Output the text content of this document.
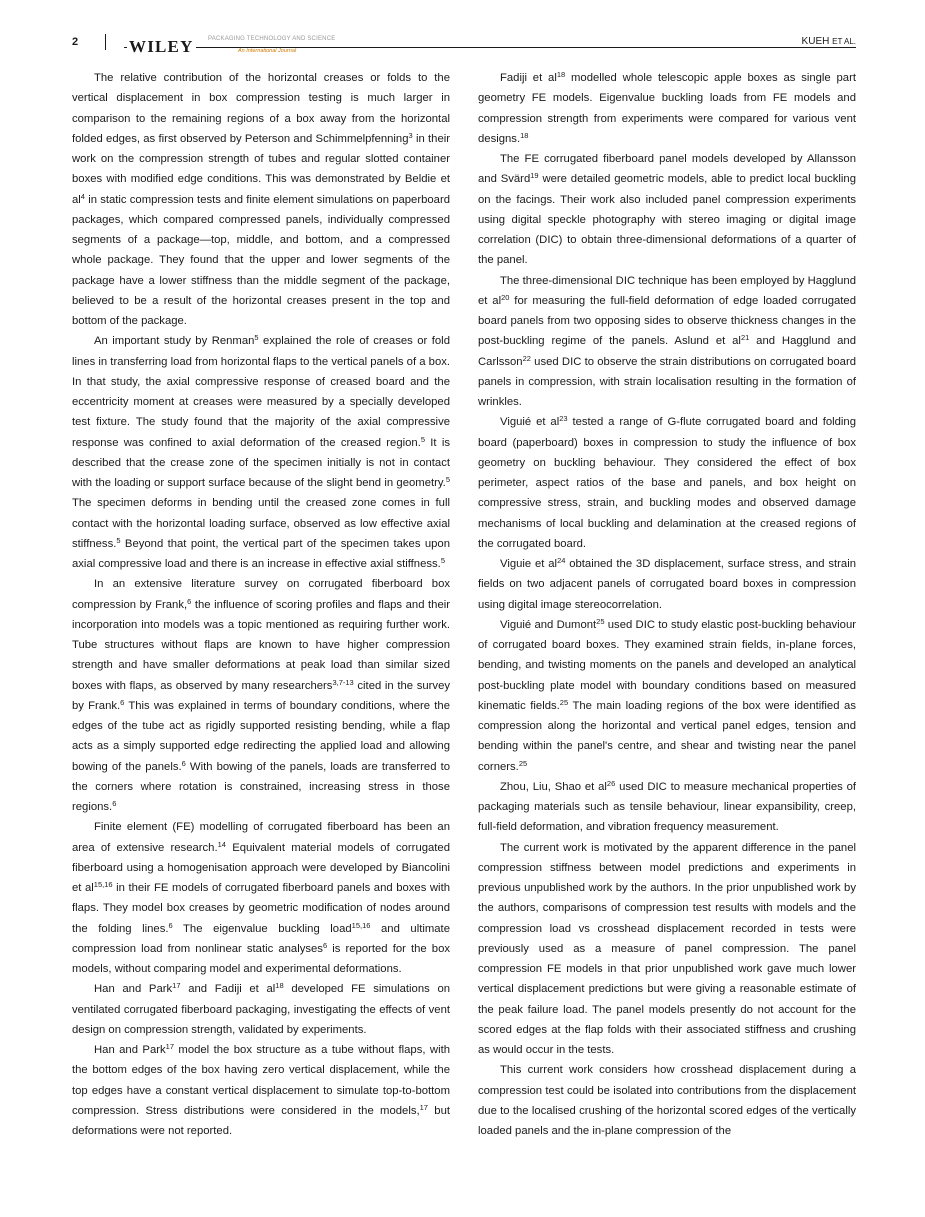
2	PACKAGING TECHNOLOGY AND SCIENCE
WILEY	An International Journal
KUEH ET AL.

The relative contribution of the horizontal creases or folds to the vertical displacement in box compression testing is much larger in comparison to the remaining regions of a box away from the horizontal folded edges, as first observed by Peterson and Schimmelpfenning$^3$ in their work on the compression strength of tubes and regular slotted container boxes with modified edge conditions. This was demonstrated by Beldie et $al^4$ in static compression tests and finite element simulations on paperboard packages, which compared compressed panels, individually compressed segments of a package—top, middle, and bottom, and a compressed whole package. They found that the upper and lower segments of the package have a lower stiffness than the middle segment of the package, believed to be a result of the horizontal creases present in the top and bottom of the package.

An important study by Renman$^5$ explained the role of creases or fold lines in transferring load from horizontal flaps to the vertical panels of a box. In that study, the axial compressive response of creased board and the eccentricity moment at creases were measured by a specially developed test fixture. The study found that the majority of the axial compressive response was confined to axial deformation of the creased region.$^5$ It is described that the crease zone of the specimen initially is not in contact with the loading or support surface because of the slight bend in geometry.$^5$ The specimen deforms in bending until the creased zone comes in full contact with the horizontal loading surface, observed as low effective axial stiffness.$^5$ Beyond that point, the vertical part of the specimen takes upon axial compressive load and there is an increase in effective axial stiffness.$^5$

In an extensive literature survey on corrugated fiberboard box compression by Frank,$^6$ the influence of scoring profiles and flaps and their incorporation into models was a topic mentioned as requiring further work. Tube structures without flaps are known to have higher compression strength and have smaller deformations at peak load than similar sized boxes with flaps, as observed by many researchers$^{3,7-13}$ cited in the survey by Frank.$^6$ This was explained in terms of boundary conditions, where the edges of the tube act as rigidly supported resisting bending, while a flap acts as a simply supported edge redirecting the applied load and allowing bowing of the panels.$^6$ With bowing of the panels, loads are transferred to the corners where rotation is constrained, increasing stress in those regions.$^6$

Finite element (FE) modelling of corrugated fiberboard has been an area of extensive research.$^{14}$ Equivalent material models of corrugated fiberboard using a homogenisation approach were developed by Biancolini et al$^{15,16}$ in their FE models of corrugated fiberboard panels and boxes with flaps. They model box creases by geometric modification of nodes around the folding lines.$^6$ The eigenvalue buckling load$^{15,16}$ and ultimate compression load from nonlinear static analyses$^6$ is reported for the box models, without comparing model and experimental deformations.

Han and Park$^{17}$ and Fadiji et $al^{18}$ developed FE simulations on ventilated corrugated fiberboard packaging, investigating the effects of vent design on compression strength, validated by experiments.

Han and Park$^{17}$ model the box structure as a tube without flaps, with the bottom edges of the box having zero vertical displacement, while the top edges have a constant vertical displacement to simulate top-to-bottom compression. Stress distributions were considered in the models,$^{17}$ but deformations were not reported.

Fadiji et $al^{18}$ modelled whole telescopic apple boxes as single part geometry FE models. Eigenvalue buckling loads from FE models and compression strength from experiments were compared for various vent designs.$^{18}$

The FE corrugated fiberboard panel models developed by Allansson and Svärd$^{19}$ were detailed geometric models, able to predict local buckling on the facings. Their work also included panel compression experiments using digital speckle photography with stereo imaging or digital image correlation (DIC) to obtain three-dimensional deformations of a quarter of the panel.

The three-dimensional DIC technique has been employed by Hagglund et $al^{20}$ for measuring the full-field deformation of edge loaded corrugated board panels from two opposing sides to observe thickness changes in the post-buckling regime of the panels. Aslund et $al^{21}$ and Hagglund and Carlsson$^{22}$ used DIC to observe the strain distributions on corrugated board panels in compression, with strain localisation resulting in the formation of wrinkles.

Viguié et $al^{23}$ tested a range of G-flute corrugated board and folding board (paperboard) boxes in compression to study the influence of box geometry on buckling behaviour. They considered the effect of box perimeter, aspect ratios of the base and panels, and box height on compressive stress, strain, and buckling modes and observed damage mechanisms of local buckling and delamination at the creased regions of the corrugated board.

Viguie et $al^{24}$ obtained the 3D displacement, surface stress, and strain fields on two adjacent panels of corrugated board boxes in compression using digital image stereocorrelation.

Viguié and Dumont$^{25}$ used DIC to study elastic post-buckling behaviour of corrugated board boxes. They examined strain fields, in-plane forces, bending, and twisting moments on the panels and developed an analytical post-buckling plate model with boundary conditions based on measured kinematic fields.$^{25}$ The main loading regions of the box were identified as compression along the horizontal and vertical panel edges, tension and bending within the panel's centre, and shear and twisting near the panel corners.$^{25}$

Zhou, Liu, Shao et $al^{26}$ used DIC to measure mechanical properties of packaging materials such as tensile behaviour, linear expansibility, creep, full-field deformation, and vibration frequency measurement.

The current work is motivated by the apparent difference in the panel compression stiffness between model predictions and experiments in previous unpublished work by the authors. In the prior unpublished work by the authors, comparisons of compression test results with models and the compression load vs crosshead displacement recorded in tests were previously used as a measure of panel compression. The panel compression FE models in that prior unpublished work gave much lower vertical displacement predictions but were giving a reasonable estimate of the peak failure load. The panel models presently do not account for the scored edges at the flap folds with their associated stiffness and crushing as would occur in the tests.

This current work considers how crosshead displacement during a compression test could be isolated into contributions from the displacement due to the localised crushing of the horizontal scored edges of the vertically loaded panels and the in-plane compression of the
